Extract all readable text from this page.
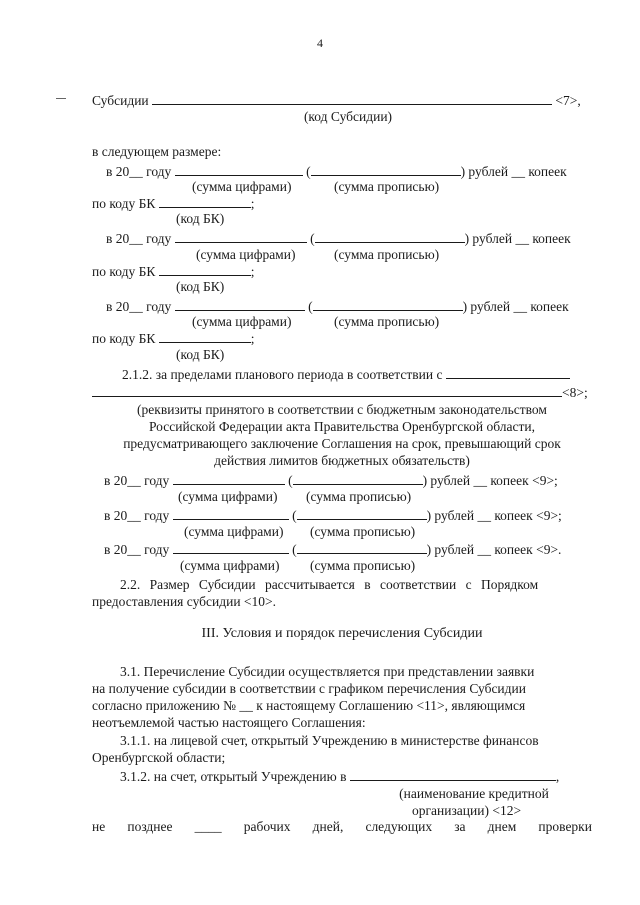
4
Субсидии	<7>,
(код Субсидии)
в следующем размере:
в 20__ году	(	) рублей __ копеек
(сумма цифрами)	(сумма прописью)
по коду БК	;
(код БК)
в 20__ году	(	) рублей __ копеек
(сумма цифрами)	(сумма прописью)
по коду БК	;
(код БК)
в 20__ году	(	) рублей __ копеек
(сумма цифрами)	(сумма прописью)
по коду БК	;
(код БК)
2.1.2. за пределами планового периода в соответствии с
<8>;
(реквизиты принятого в соответствии с бюджетным законодательством
Российской Федерации акта Правительства Оренбургской области,
предусматривающего заключение Соглашения на срок, превышающий срок
действия лимитов бюджетных обязательств)
в 20__ году	(	) рублей __ копеек <9>;
(сумма цифрами) (сумма прописью)
в 20__ году	(	) рублей __ копеек <9>;
(сумма цифрами) (сумма прописью)
в 20__ году	(	) рублей __ копеек <9>.
(сумма цифрами) (сумма прописью)
2.2. Размер Субсидии рассчитывается в соответствии с Порядком
предоставления субсидии <10>.
III. Условия и порядок перечисления Субсидии
3.1. Перечисление Субсидии осуществляется при представлении заявки
на получение субсидии в соответствии с графиком перечисления Субсидии
согласно приложению № __ к настоящему Соглашению <11>, являющимся
неотъемлемой частью настоящего Соглашения:
3.1.1. на лицевой счет, открытый Учреждению в министерстве финансов
Оренбургской области;
3.1.2. на счет, открытый Учреждению в	,
(наименование кредитной
организации) <12>
не позднее ____ рабочих дней, следующих за днем проверки
